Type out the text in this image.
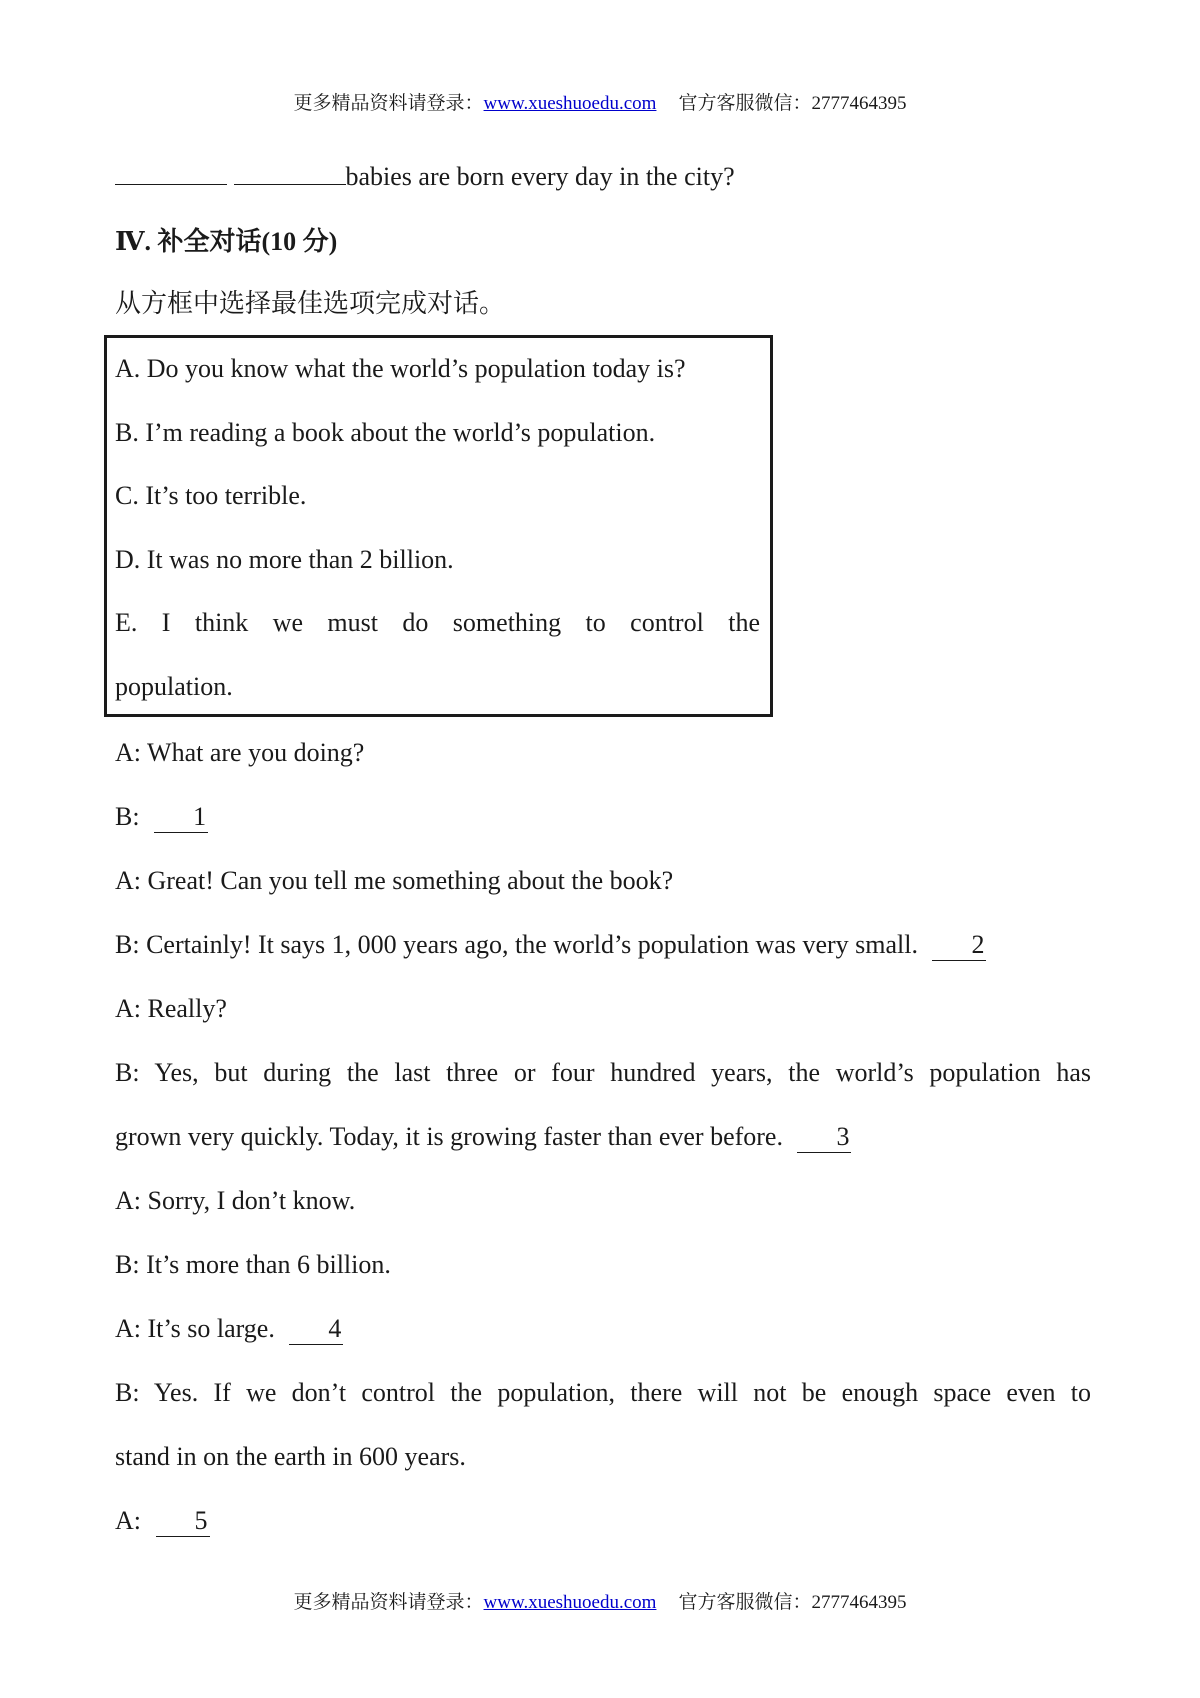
更多精品资料请登录：www.xueshuoedu.com 官方客服微信：2777464395
babies are born every day in the city?
Ⅳ. 补全对话(10 分)
从方框中选择最佳选项完成对话。
A. Do you know what the world’s population today is?
B. I’m reading a book about the world’s population.
C. It’s too terrible.
D. It was no more than 2 billion.
E. I think we must do something to control the
population.
A: What are you doing?
B: 1
A: Great! Can you tell me something about the book?
B: Certainly! It says 1, 000 years ago, the world’s population was very small. 2
A: Really?
B: Yes, but during the last three or four hundred years, the world’s population has
grown very quickly. Today, it is growing faster than ever before. 3
A: Sorry, I don’t know.
B: It’s more than 6 billion.
A: It’s so large. 4
B: Yes. If we don’t control the population, there will not be enough space even to
stand in on the earth in 600 years.
A: 5
更多精品资料请登录：www.xueshuoedu.com 官方客服微信：2777464395
